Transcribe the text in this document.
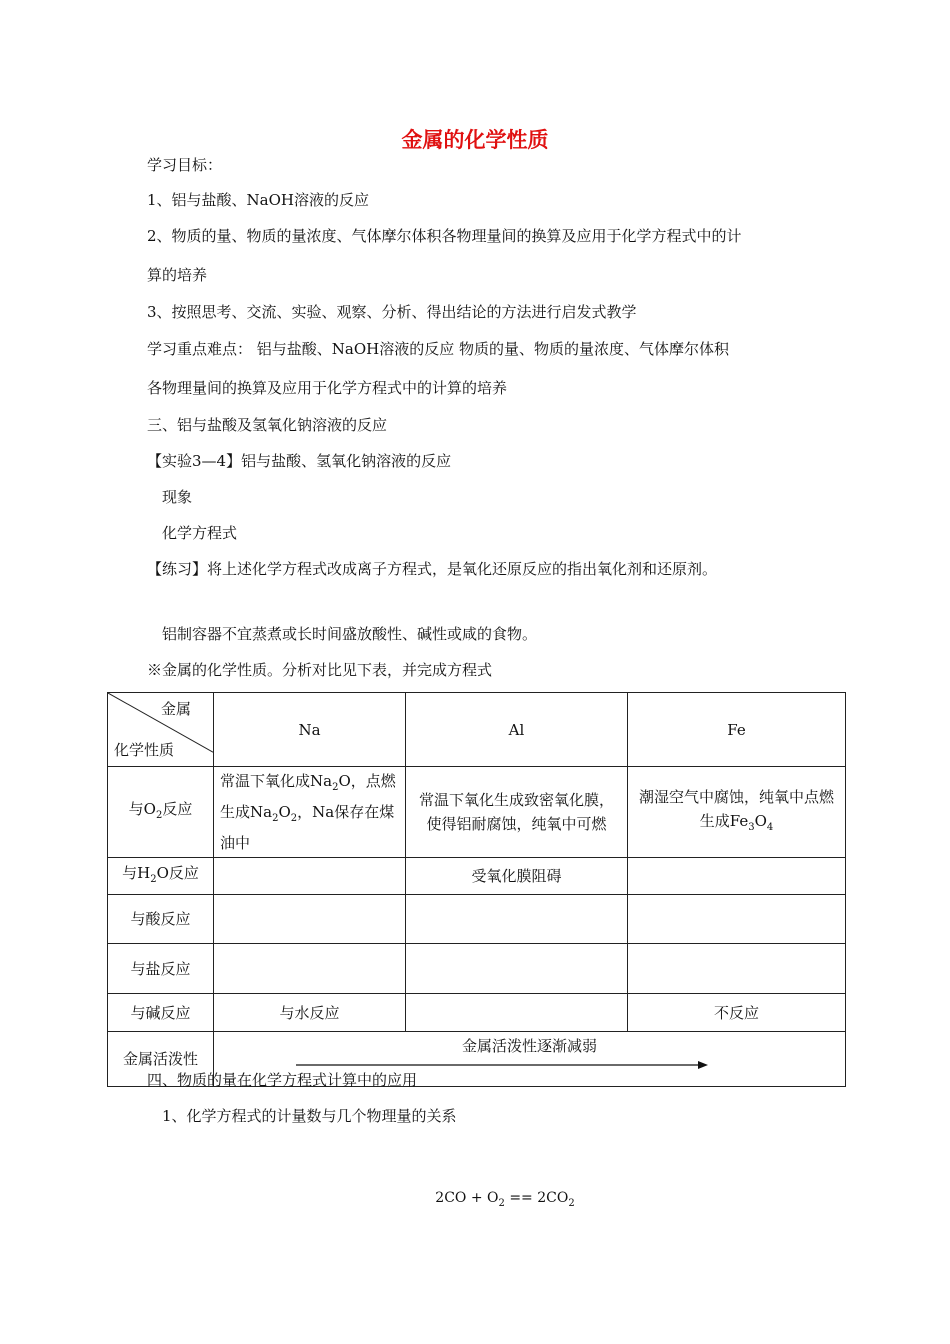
金属的化学性质
学习目标：
1、铝与盐酸、NaOH溶液的反应
2、物质的量、物质的量浓度、气体摩尔体积各物理量间的换算及应用于化学方程式中的计
算的培养
3、按照思考、交流、实验、观察、分析、得出结论的方法进行启发式教学
学习重点难点： 铝与盐酸、NaOH溶液的反应 物质的量、物质的量浓度、气体摩尔体积
各物理量间的换算及应用于化学方程式中的计算的培养
三、铝与盐酸及氢氧化钠溶液的反应
【实验3—4】铝与盐酸、氢氧化钠溶液的反应
现象
化学方程式
【练习】将上述化学方程式改成离子方程式，是氧化还原反应的指出氧化剂和还原剂。
铝制容器不宜蒸煮或长时间盛放酸性、碱性或咸的食物。
※金属的化学性质。分析对比见下表，并完成方程式
金属
化学性质	Na	Al	Fe
与$O_2$反应	常温下氧化成$Na_2O$，点燃生成$Na_2O_2$，Na保存在煤油中	常温下氧化生成致密氧化膜，使得铝耐腐蚀，纯氧中可燃	潮湿空气中腐蚀，纯氧中点燃生成$Fe_3O_4$
与$H_2O$反应		受氧化膜阻碍	
与酸反应			
与盐反应			
与碱反应	与水反应		不反应
金属活泼性	金属活泼性逐渐减弱		
四、物质的量在化学方程式计算中的应用
1、化学方程式的计量数与几个物理量的关系
$2CO + O_2 == 2CO_2$
